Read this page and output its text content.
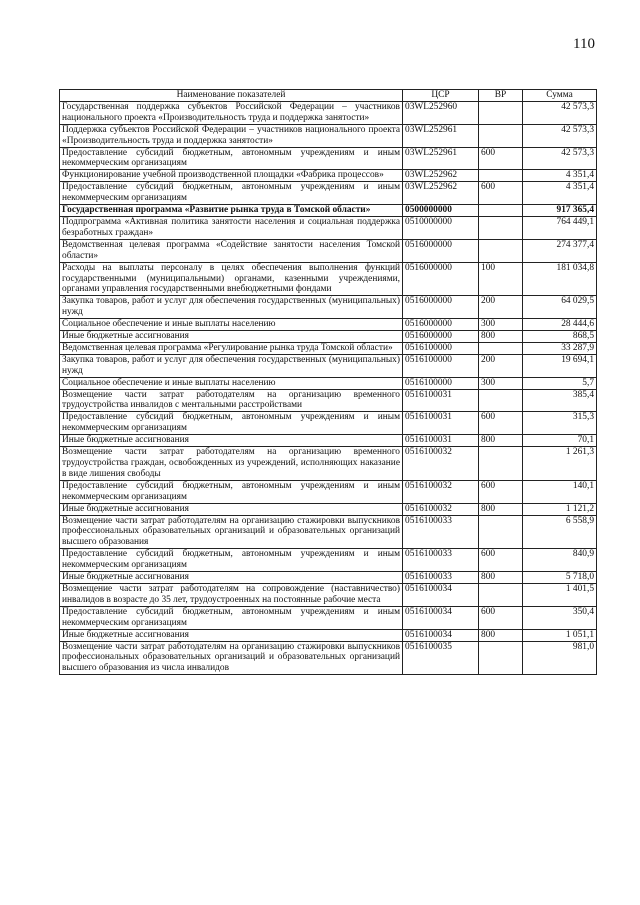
110
Наименование показателей	ЦСР	ВР	Сумма
Государственная поддержка субъектов Российской Федерации – участников национального проекта «Производительность труда и поддержка занятости»	03WL252960		42 573,3
Поддержка субъектов Российской Федерации – участников национального проекта «Производительность труда и поддержка занятости»	03WL252961		42 573,3
Предоставление субсидий бюджетным, автономным учреждениям и иным некоммерческим организациям	03WL252961	600	42 573,3
Функционирование учебной производственной площадки «Фабрика процессов»	03WL252962		4 351,4
Предоставление субсидий бюджетным, автономным учреждениям и иным некоммерческим организациям	03WL252962	600	4 351,4
Государственная программа «Развитие рынка труда в Томской области»	0500000000		917 365,4
Подпрограмма «Активная политика занятости населения и социальная поддержка безработных граждан»	0510000000		764 449,1
Ведомственная целевая программа «Содействие занятости населения Томской области»	0516000000		274 377,4
Расходы на выплаты персоналу в целях обеспечения выполнения функций государственными (муниципальными) органами, казенными учреждениями, органами управления государственными внебюджетными фондами	0516000000	100	181 034,8
Закупка товаров, работ и услуг для обеспечения государственных (муниципальных) нужд	0516000000	200	64 029,5
Социальное обеспечение и иные выплаты населению	0516000000	300	28 444,6
Иные бюджетные ассигнования	0516000000	800	868,5
Ведомственная целевая программа «Регулирование рынка труда Томской области»	0516100000		33 287,9
Закупка товаров, работ и услуг для обеспечения государственных (муниципальных) нужд	0516100000	200	19 694,1
Социальное обеспечение и иные выплаты населению	0516100000	300	5,7
Возмещение части затрат работодателям на организацию временного трудоустройства инвалидов с ментальными расстройствами	0516100031		385,4
Предоставление субсидий бюджетным, автономным учреждениям и иным некоммерческим организациям	0516100031	600	315,3
Иные бюджетные ассигнования	0516100031	800	70,1
Возмещение части затрат работодателям на организацию временного трудоустройства граждан, освобожденных из учреждений, исполняющих наказание в виде лишения свободы	0516100032		1 261,3
Предоставление субсидий бюджетным, автономным учреждениям и иным некоммерческим организациям	0516100032	600	140,1
Иные бюджетные ассигнования	0516100032	800	1 121,2
Возмещение части затрат работодателям на организацию стажировки выпускников профессиональных образовательных организаций и образовательных организаций высшего образования	0516100033		6 558,9
Предоставление субсидий бюджетным, автономным учреждениям и иным некоммерческим организациям	0516100033	600	840,9
Иные бюджетные ассигнования	0516100033	800	5 718,0
Возмещение части затрат работодателям на сопровождение (наставничество) инвалидов в возрасте до 35 лет, трудоустроенных на постоянные рабочие места	0516100034		1 401,5
Предоставление субсидий бюджетным, автономным учреждениям и иным некоммерческим организациям	0516100034	600	350,4
Иные бюджетные ассигнования	0516100034	800	1 051,1
Возмещение части затрат работодателям на организацию стажировки выпускников профессиональных образовательных организаций и образовательных организаций высшего образования из числа инвалидов	0516100035		981,0
